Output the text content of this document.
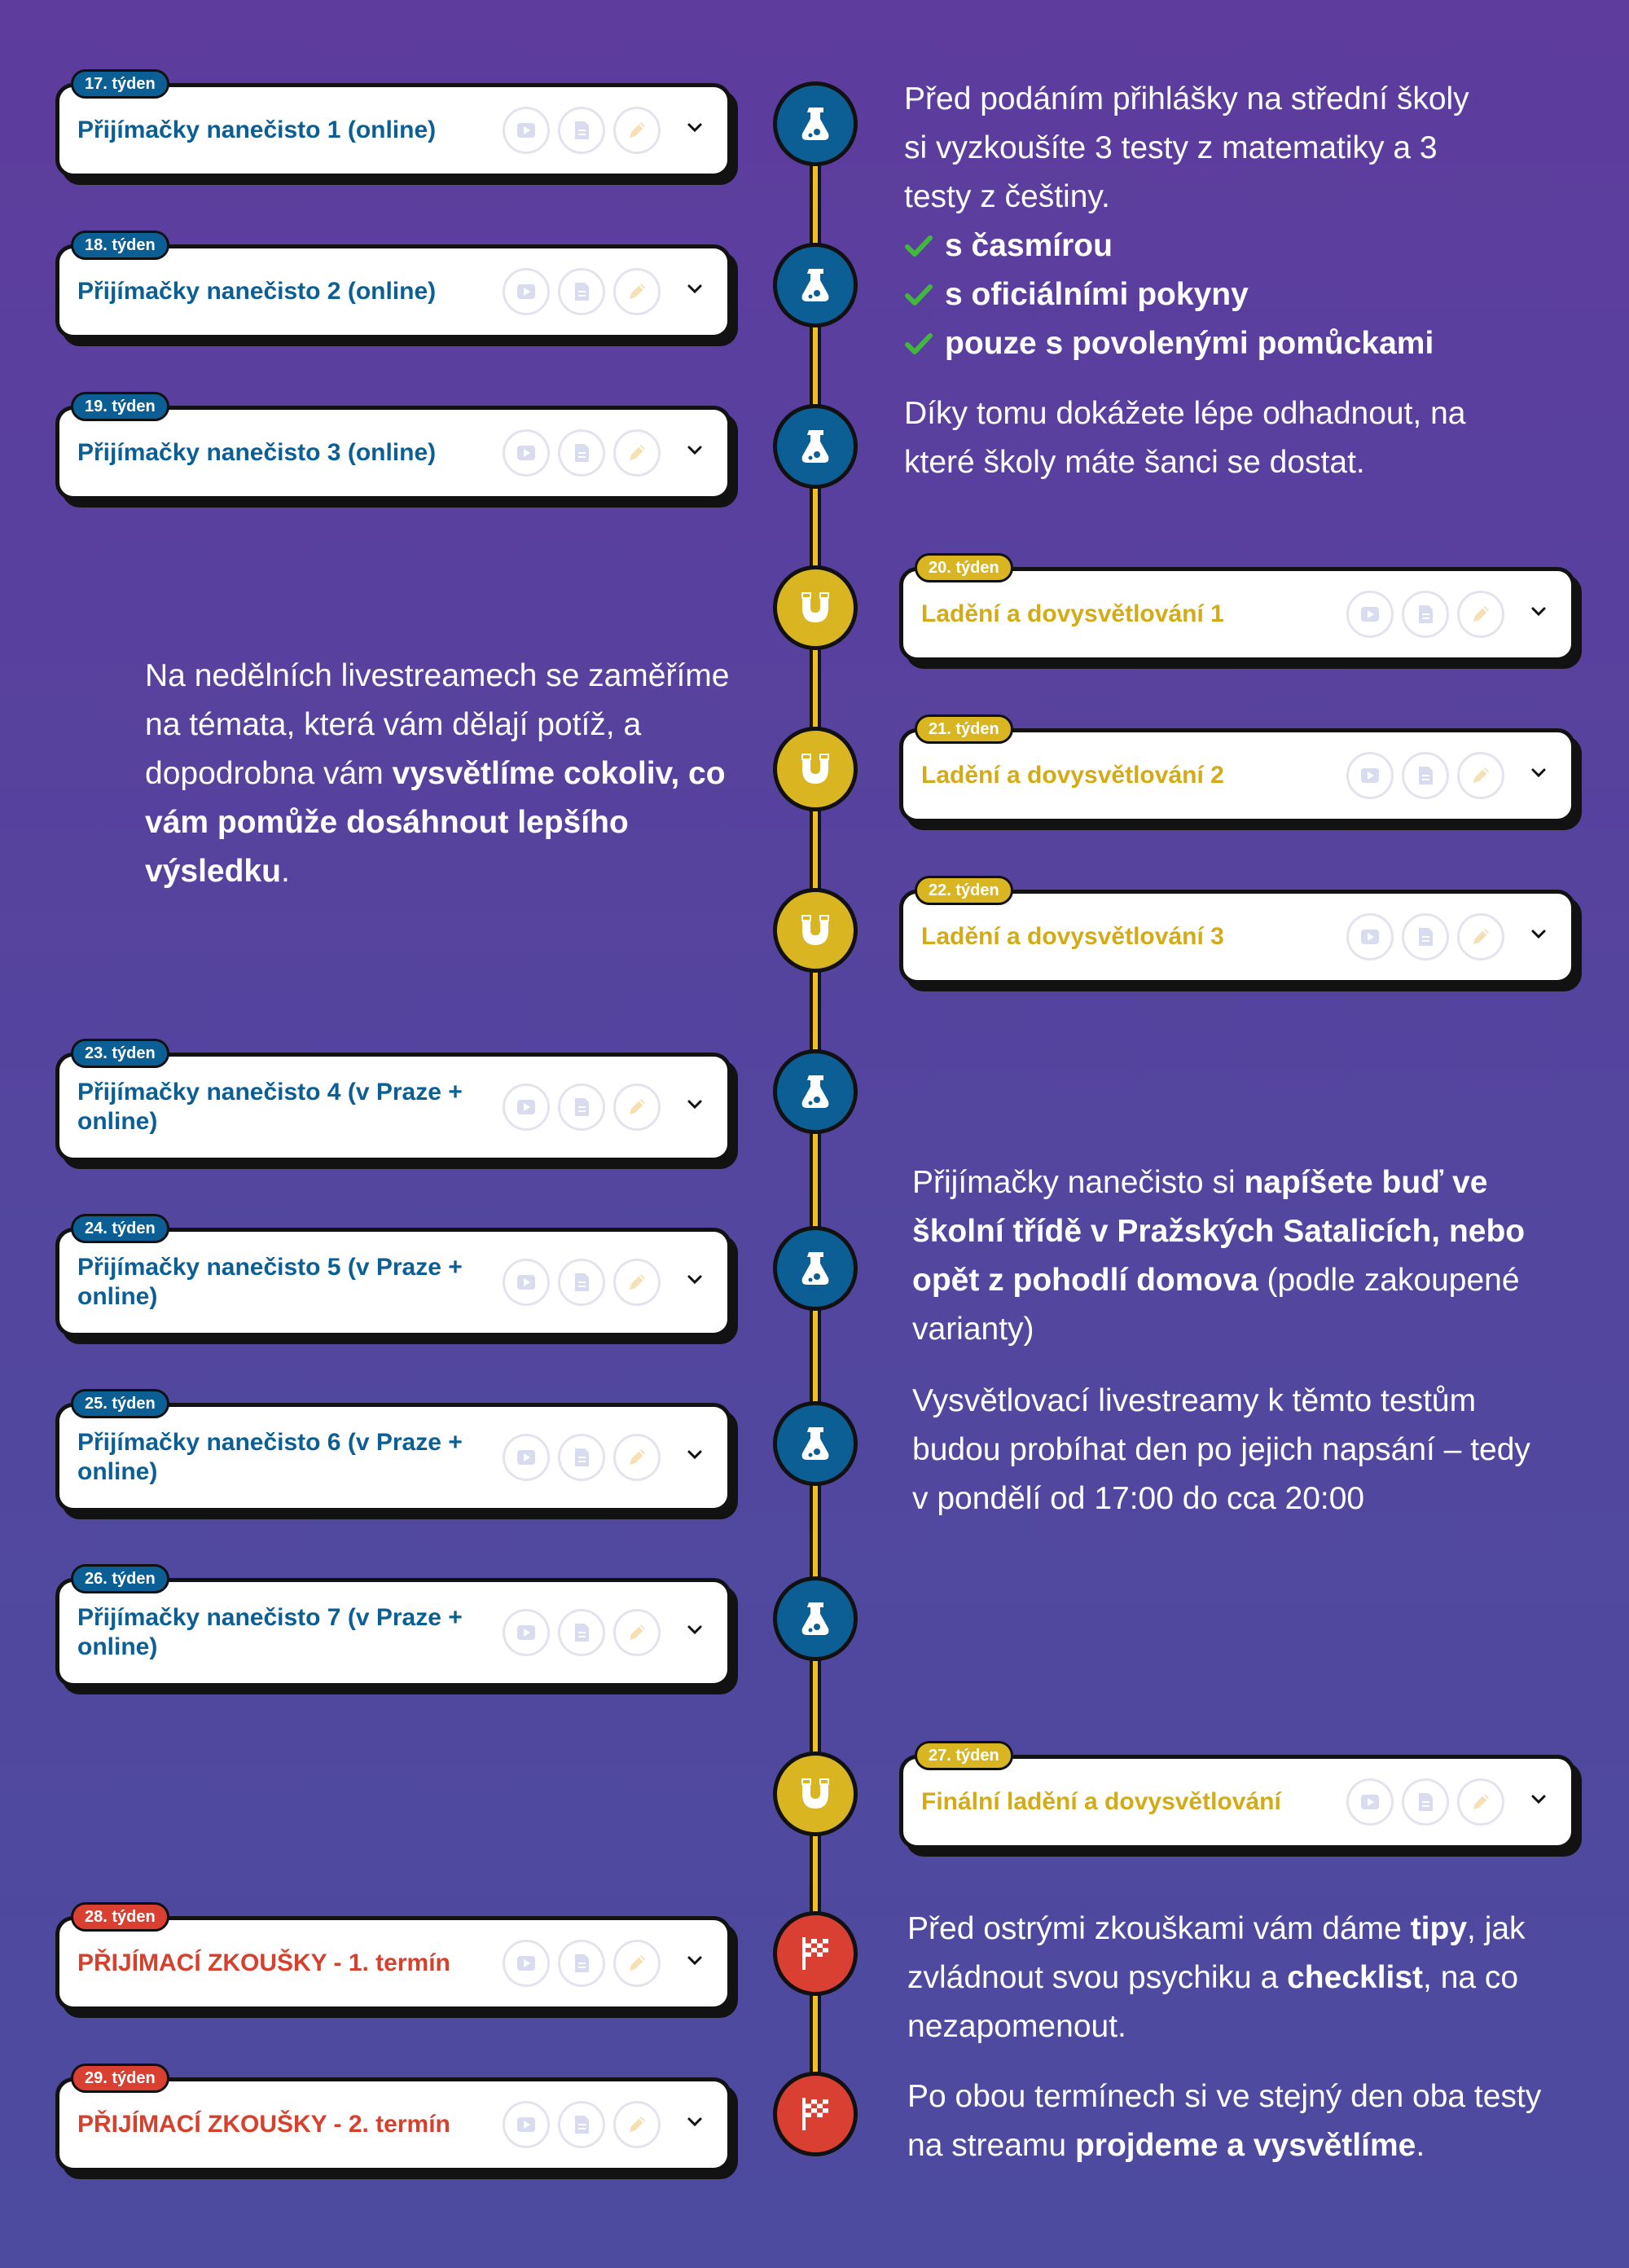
17. týden
Přijímačky nanečisto 1 (online)
18. týden
Přijímačky nanečisto 2 (online)
19. týden
Přijímačky nanečisto 3 (online)
20. týden
Ladění a dovysvětlování 1
21. týden
Ladění a dovysvětlování 2
22. týden
Ladění a dovysvětlování 3
23. týden
Přijímačky nanečisto 4 (v Praze + online)
24. týden
Přijímačky nanečisto 5 (v Praze + online)
25. týden
Přijímačky nanečisto 6 (v Praze + online)
26. týden
Přijímačky nanečisto 7 (v Praze + online)
27. týden
Finální ladění a dovysvětlování
28. týden
PŘIJÍMACÍ ZKOUŠKY - 1. termín
29. týden
PŘIJÍMACÍ ZKOUŠKY - 2. termín

Před podáním přihlášky na střední školy si vyzkoušíte 3 testy z matematiky a 3 testy z češtiny.

s časmírou
s oficiálními pokyny
pouze s povolenými pomůckami

Díky tomu dokážete lépe odhadnout, na které školy máte šanci se dostat.

Na nedělních livestreamech se zaměříme na témata, která vám dělají potíž, a dopodrobna vám vysvětlíme cokoliv, co vám pomůže dosáhnout lepšího výsledku.

Přijímačky nanečisto si napíšete buď ve školní třídě v Pražských Satalicích, nebo opět z pohodlí domova (podle zakoupené varianty)

Vysvětlovací livestreamy k těmto testům budou probíhat den po jejich napsání – tedy v pondělí od 17:00 do cca 20:00

Před ostrými zkouškami vám dáme tipy, jak zvládnout svou psychiku a checklist, na co nezapomenout.

Po obou termínech si ve stejný den oba testy na streamu projdeme a vysvětlíme.
